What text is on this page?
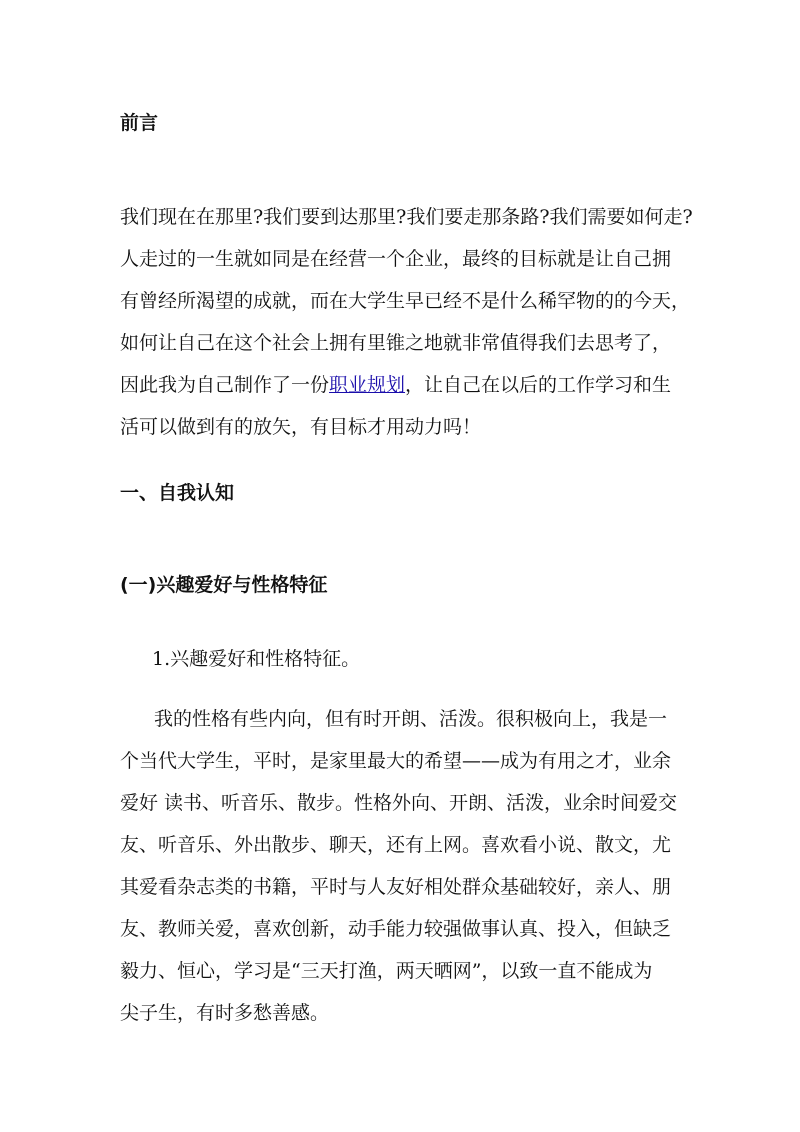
前言
我们现在在那里?我们要到达那里?我们要走那条路?我们需要如何走?
人走过的一生就如同是在经营一个企业，最终的目标就是让自己拥
有曾经所渴望的成就，而在大学生早已经不是什么稀罕物的的今天，
如何让自己在这个社会上拥有里锥之地就非常值得我们去思考了，
因此我为自己制作了一份职业规划，让自己在以后的工作学习和生
活可以做到有的放矢，有目标才用动力吗！
一、自我认知
(一)兴趣爱好与性格特征

1.兴趣爱好和性格特征。

我的性格有些内向，但有时开朗、活泼。很积极向上，我是一
个当代大学生，平时，是家里最大的希望——成为有用之才，业余
爱好 读书、听音乐、散步。性格外向、开朗、活泼，业余时间爱交
友、听音乐、外出散步、聊天，还有上网。喜欢看小说、散文，尤
其爱看杂志类的书籍，平时与人友好相处群众基础较好，亲人、朋
友、教师关爱，喜欢创新，动手能力较强做事认真、投入，但缺乏
毅力、恒心，学习是“三天打渔，两天晒网”，以致一直不能成为
尖子生，有时多愁善感。
